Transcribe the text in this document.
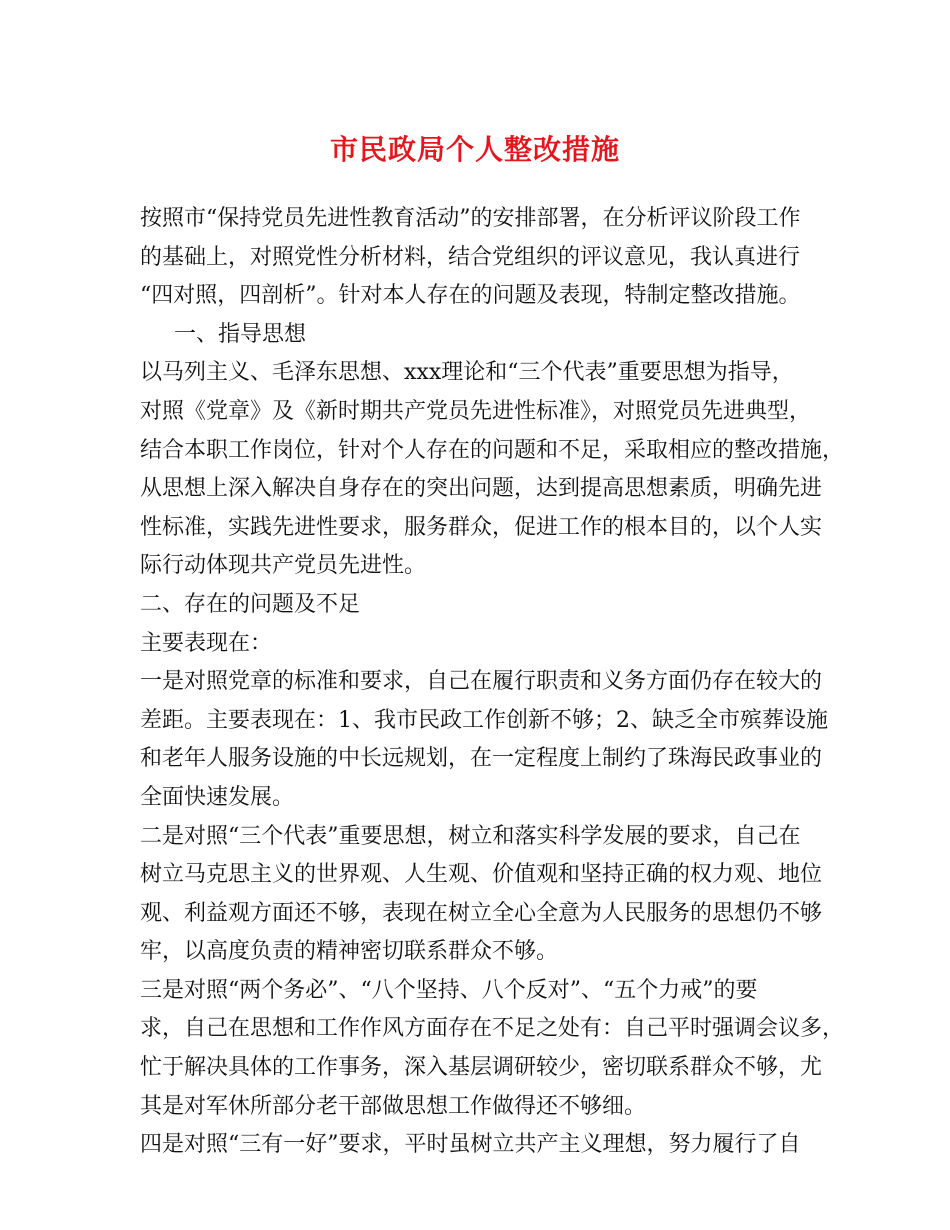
市民政局个人整改措施
按照市“保持党员先进性教育活动”的安排部署，在分析评议阶段工作
的基础上，对照党性分析材料，结合党组织的评议意见，我认真进行
“四对照，四剖析”。针对本人存在的问题及表现，特制定整改措施。
一、指导思想
以马列主义、毛泽东思想、xxx理论和“三个代表”重要思想为指导，
对照《党章》及《新时期共产党员先进性标准》，对照党员先进典型，
结合本职工作岗位，针对个人存在的问题和不足，采取相应的整改措施，
从思想上深入解决自身存在的突出问题，达到提高思想素质，明确先进
性标准，实践先进性要求，服务群众，促进工作的根本目的，以个人实
际行动体现共产党员先进性。
二、存在的问题及不足
主要表现在：
一是对照党章的标准和要求，自己在履行职责和义务方面仍存在较大的
差距。主要表现在：1、我市民政工作创新不够；2、缺乏全市殡葬设施
和老年人服务设施的中长远规划，在一定程度上制约了珠海民政事业的
全面快速发展。
二是对照“三个代表”重要思想，树立和落实科学发展的要求，自己在
树立马克思主义的世界观、人生观、价值观和坚持正确的权力观、地位
观、利益观方面还不够，表现在树立全心全意为人民服务的思想仍不够
牢，以高度负责的精神密切联系群众不够。
三是对照“两个务必”、“八个坚持、八个反对”、“五个力戒”的要
求，自己在思想和工作作风方面存在不足之处有：自己平时强调会议多，
忙于解决具体的工作事务，深入基层调研较少，密切联系群众不够，尤
其是对军休所部分老干部做思想工作做得还不够细。
四是对照“三有一好”要求，平时虽树立共产主义理想，努力履行了自
